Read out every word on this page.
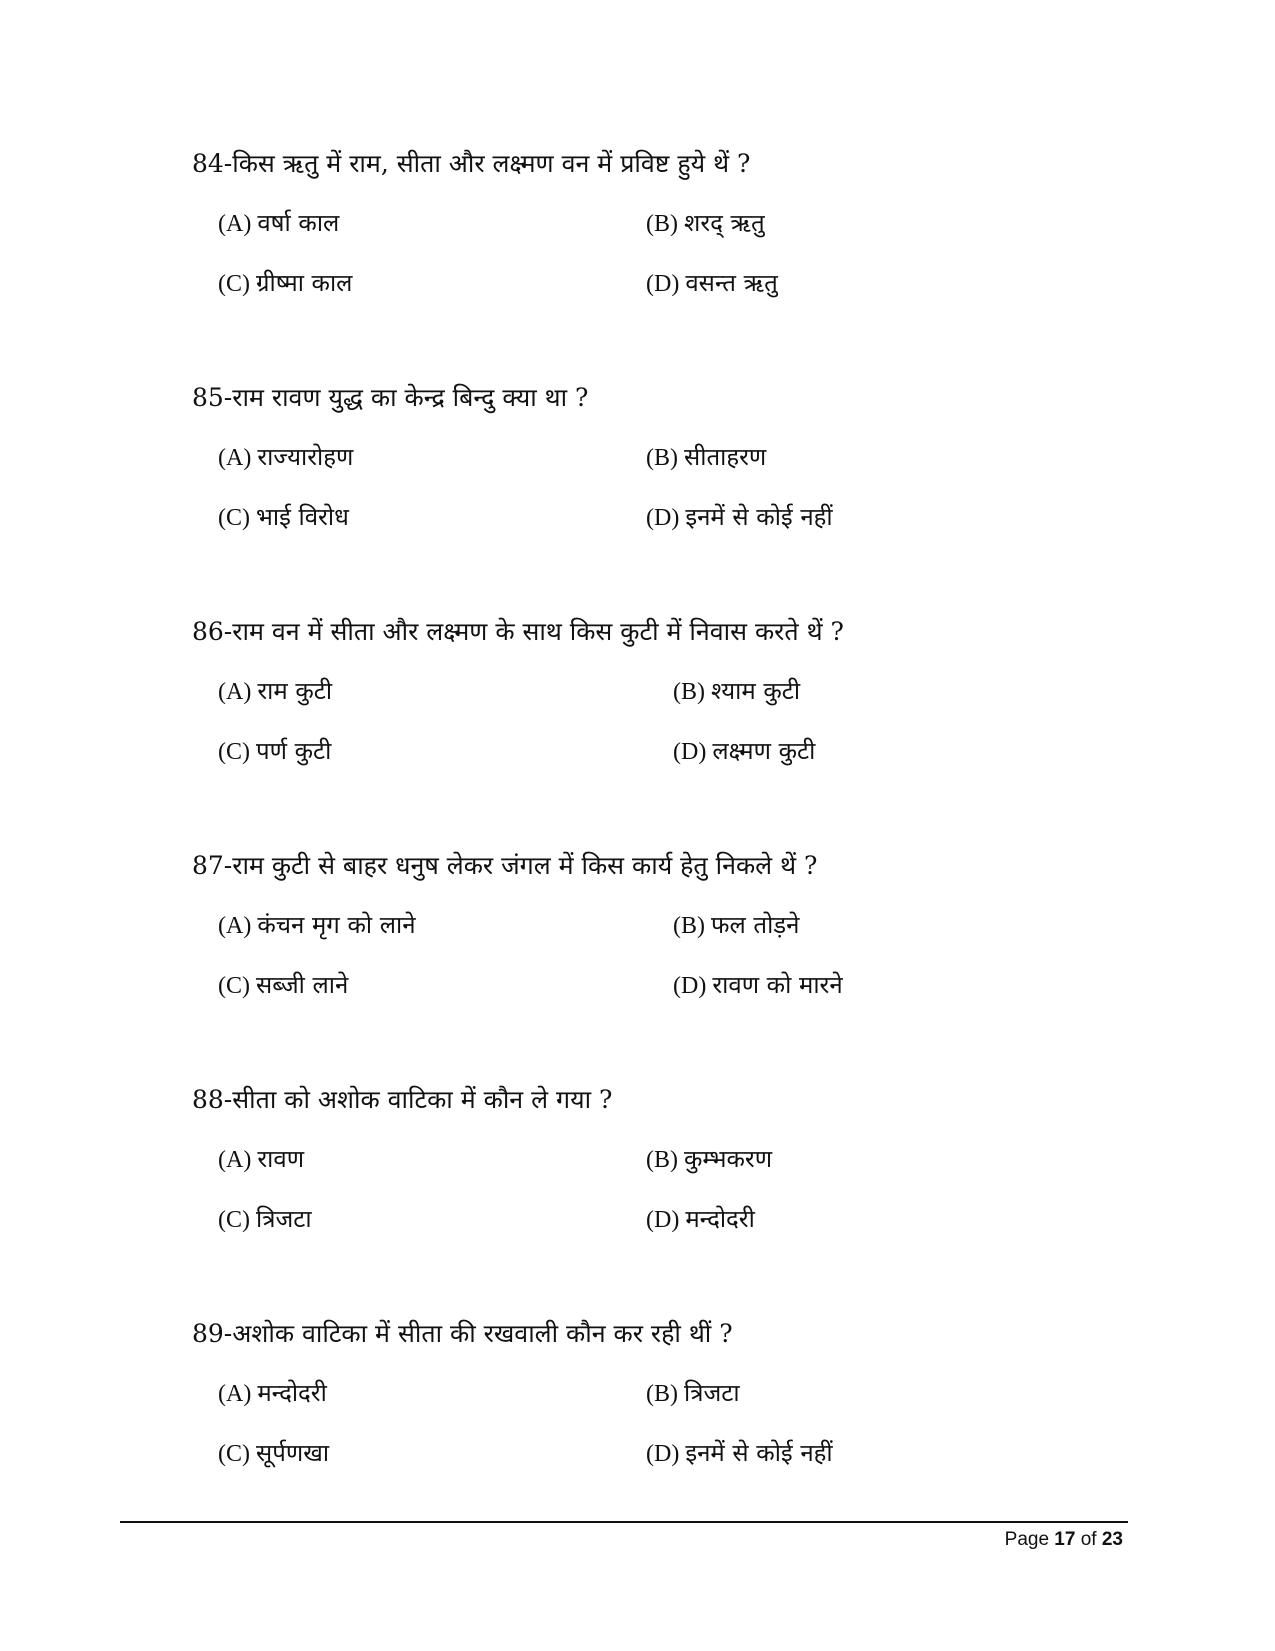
84-किस ऋतु में राम, सीता और लक्ष्मण वन में प्रविष्ट हुये थें ?
(A) वर्षा काल	(B) शरद् ऋतु
(C) ग्रीष्मा काल	(D) वसन्त ऋतु
85-राम रावण युद्ध का केन्द्र बिन्दु क्या था ?
(A) राज्यारोहण	(B) सीताहरण
(C) भाई विरोध	(D) इनमें से कोई नहीं
86-राम वन में सीता और लक्ष्मण के साथ किस कुटी में निवास करते थें ?
(A) राम कुटी	(B) श्याम कुटी
(C) पर्ण कुटी	(D) लक्ष्मण कुटी
87-राम कुटी से बाहर धनुष लेकर जंगल में किस कार्य हेतु निकले थें ?
(A) कंचन मृग को लाने	(B) फल तोड़ने
(C) सब्जी लाने	(D) रावण को मारने
88-सीता को अशोक वाटिका में कौन ले गया ?
(A) रावण	(B) कुम्भकरण
(C) त्रिजटा	(D) मन्दोदरी
89-अशोक वाटिका में सीता की रखवाली कौन कर रही थीं ?
(A) मन्दोदरी	(B) त्रिजटा
(C) सूर्पणखा	(D) इनमें से कोई नहीं
Page 17 of 23
